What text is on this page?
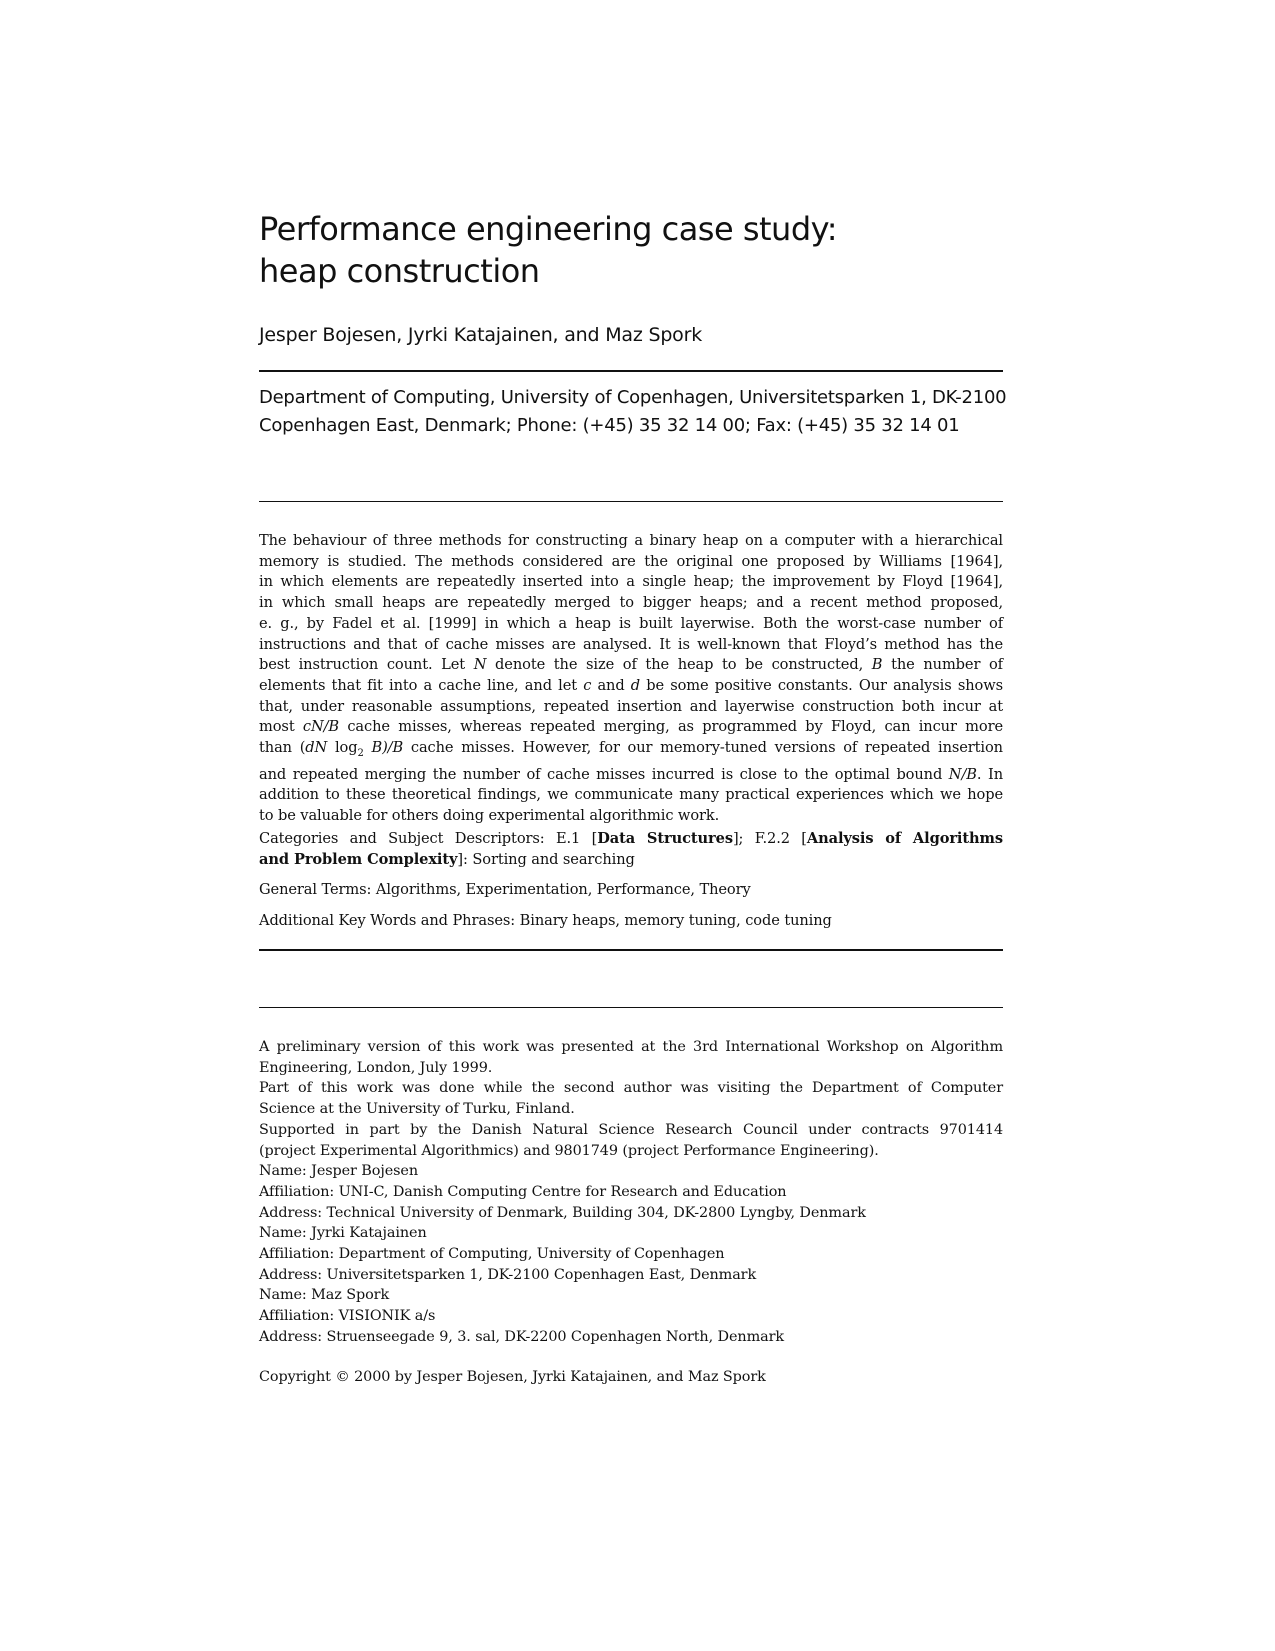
Performance engineering case study:
heap construction
Jesper Bojesen, Jyrki Katajainen, and Maz Spork
Department of Computing, University of Copenhagen, Universitetsparken 1, DK-2100
Copenhagen East, Denmark; Phone: (+45) 35 32 14 00; Fax: (+45) 35 32 14 01
The behaviour of three methods for constructing a binary heap on a computer with a hierarchical
memory is studied. The methods considered are the original one proposed by Williams [1964],
in which elements are repeatedly inserted into a single heap; the improvement by Floyd [1964],
in which small heaps are repeatedly merged to bigger heaps; and a recent method proposed,
e. g., by Fadel et al. [1999] in which a heap is built layerwise. Both the worst-case number of
instructions and that of cache misses are analysed. It is well-known that Floyd’s method has the
best instruction count. Let N denote the size of the heap to be constructed, B the number of
elements that fit into a cache line, and let c and d be some positive constants. Our analysis shows
that, under reasonable assumptions, repeated insertion and layerwise construction both incur at
most cN/B cache misses, whereas repeated merging, as programmed by Floyd, can incur more
than (dN $\log_2 B)/B$ cache misses. However, for our memory-tuned versions of repeated insertion
and repeated merging the number of cache misses incurred is close to the optimal bound N/B. In
addition to these theoretical findings, we communicate many practical experiences which we hope
to be valuable for others doing experimental algorithmic work.

Categories and Subject Descriptors: E.1 [Data Structures]; F.2.2 [Analysis of Algorithms

and Problem Complexity]: Sorting and searching

General Terms: Algorithms, Experimentation, Performance, Theory
Additional Key Words and Phrases: Binary heaps, memory tuning, code tuning

A preliminary version of this work was presented at the 3rd International Workshop on Algorithm
Engineering, London, July 1999.

Part of this work was done while the second author was visiting the Department of Computer
Science at the University of Turku, Finland.

Supported in part by the Danish Natural Science Research Council under contracts 9701414
(project Experimental Algorithmics) and 9801749 (project Performance Engineering).

Name: Jesper Bojesen

Affiliation: UNI-C, Danish Computing Centre for Research and Education

Address: Technical University of Denmark, Building 304, DK-2800 Lyngby, Denmark

Name: Jyrki Katajainen

Affiliation: Department of Computing, University of Copenhagen

Address: Universitetsparken 1, DK-2100 Copenhagen East, Denmark

Name: Maz Spork

Affiliation: VISIONIK a/s

Address: Struenseegade 9, 3. sal, DK-2200 Copenhagen North, Denmark

Copyright © 2000 by Jesper Bojesen, Jyrki Katajainen, and Maz Spork
